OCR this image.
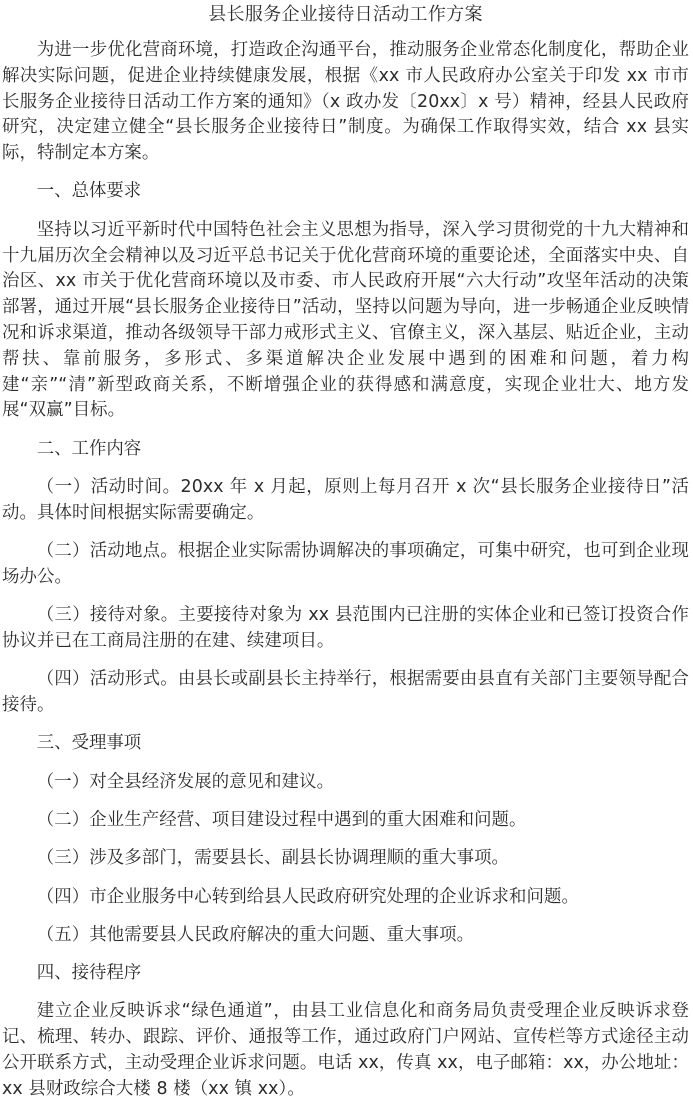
县长服务企业接待日活动工作方案

为进一步优化营商环境，打造政企沟通平台，推动服务企业常态化制度化，帮助企业解决实际问题，促进企业持续健康发展，根据《xx 市人民政府办公室关于印发 xx 市市长服务企业接待日活动工作方案的通知》（x 政办发〔20xx〕x 号）精神，经县人民政府研究，决定建立健全“县长服务企业接待日”制度。为确保工作取得实效，结合 xx 县实际，特制定本方案。

一、总体要求

坚持以习近平新时代中国特色社会主义思想为指导，深入学习贯彻党的十九大精神和十九届历次全会精神以及习近平总书记关于优化营商环境的重要论述，全面落实中央、自治区、xx 市关于优化营商环境以及市委、市人民政府开展“六大行动”攻坚年活动的决策部署，通过开展“县长服务企业接待日”活动，坚持以问题为导向，进一步畅通企业反映情况和诉求渠道，推动各级领导干部力戒形式主义、官僚主义，深入基层、贴近企业，主动帮扶、靠前服务，多形式、多渠道解决企业发展中遇到的困难和问题，着力构建“亲”“清”新型政商关系，不断增强企业的获得感和满意度，实现企业壮大、地方发展“双赢”目标。

二、工作内容

（一）活动时间。20xx 年 x 月起，原则上每月召开 x 次“县长服务企业接待日”活动。具体时间根据实际需要确定。

（二）活动地点。根据企业实际需协调解决的事项确定，可集中研究，也可到企业现场办公。

（三）接待对象。主要接待对象为 xx 县范围内已注册的实体企业和已签订投资合作协议并已在工商局注册的在建、续建项目。

（四）活动形式。由县长或副县长主持举行，根据需要由县直有关部门主要领导配合接待。

三、受理事项

（一）对全县经济发展的意见和建议。

（二）企业生产经营、项目建设过程中遇到的重大困难和问题。

（三）涉及多部门，需要县长、副县长协调理顺的重大事项。

（四）市企业服务中心转到给县人民政府研究处理的企业诉求和问题。

（五）其他需要县人民政府解决的重大问题、重大事项。

四、接待程序

建立企业反映诉求“绿色通道”，由县工业信息化和商务局负责受理企业反映诉求登记、梳理、转办、跟踪、评价、通报等工作，通过政府门户网站、宣传栏等方式途径主动公开联系方式，主动受理企业诉求问题。电话 xx，传真 xx，电子邮箱：xx，办公地址：xx 县财政综合大楼 8 楼（xx 镇 xx）。
